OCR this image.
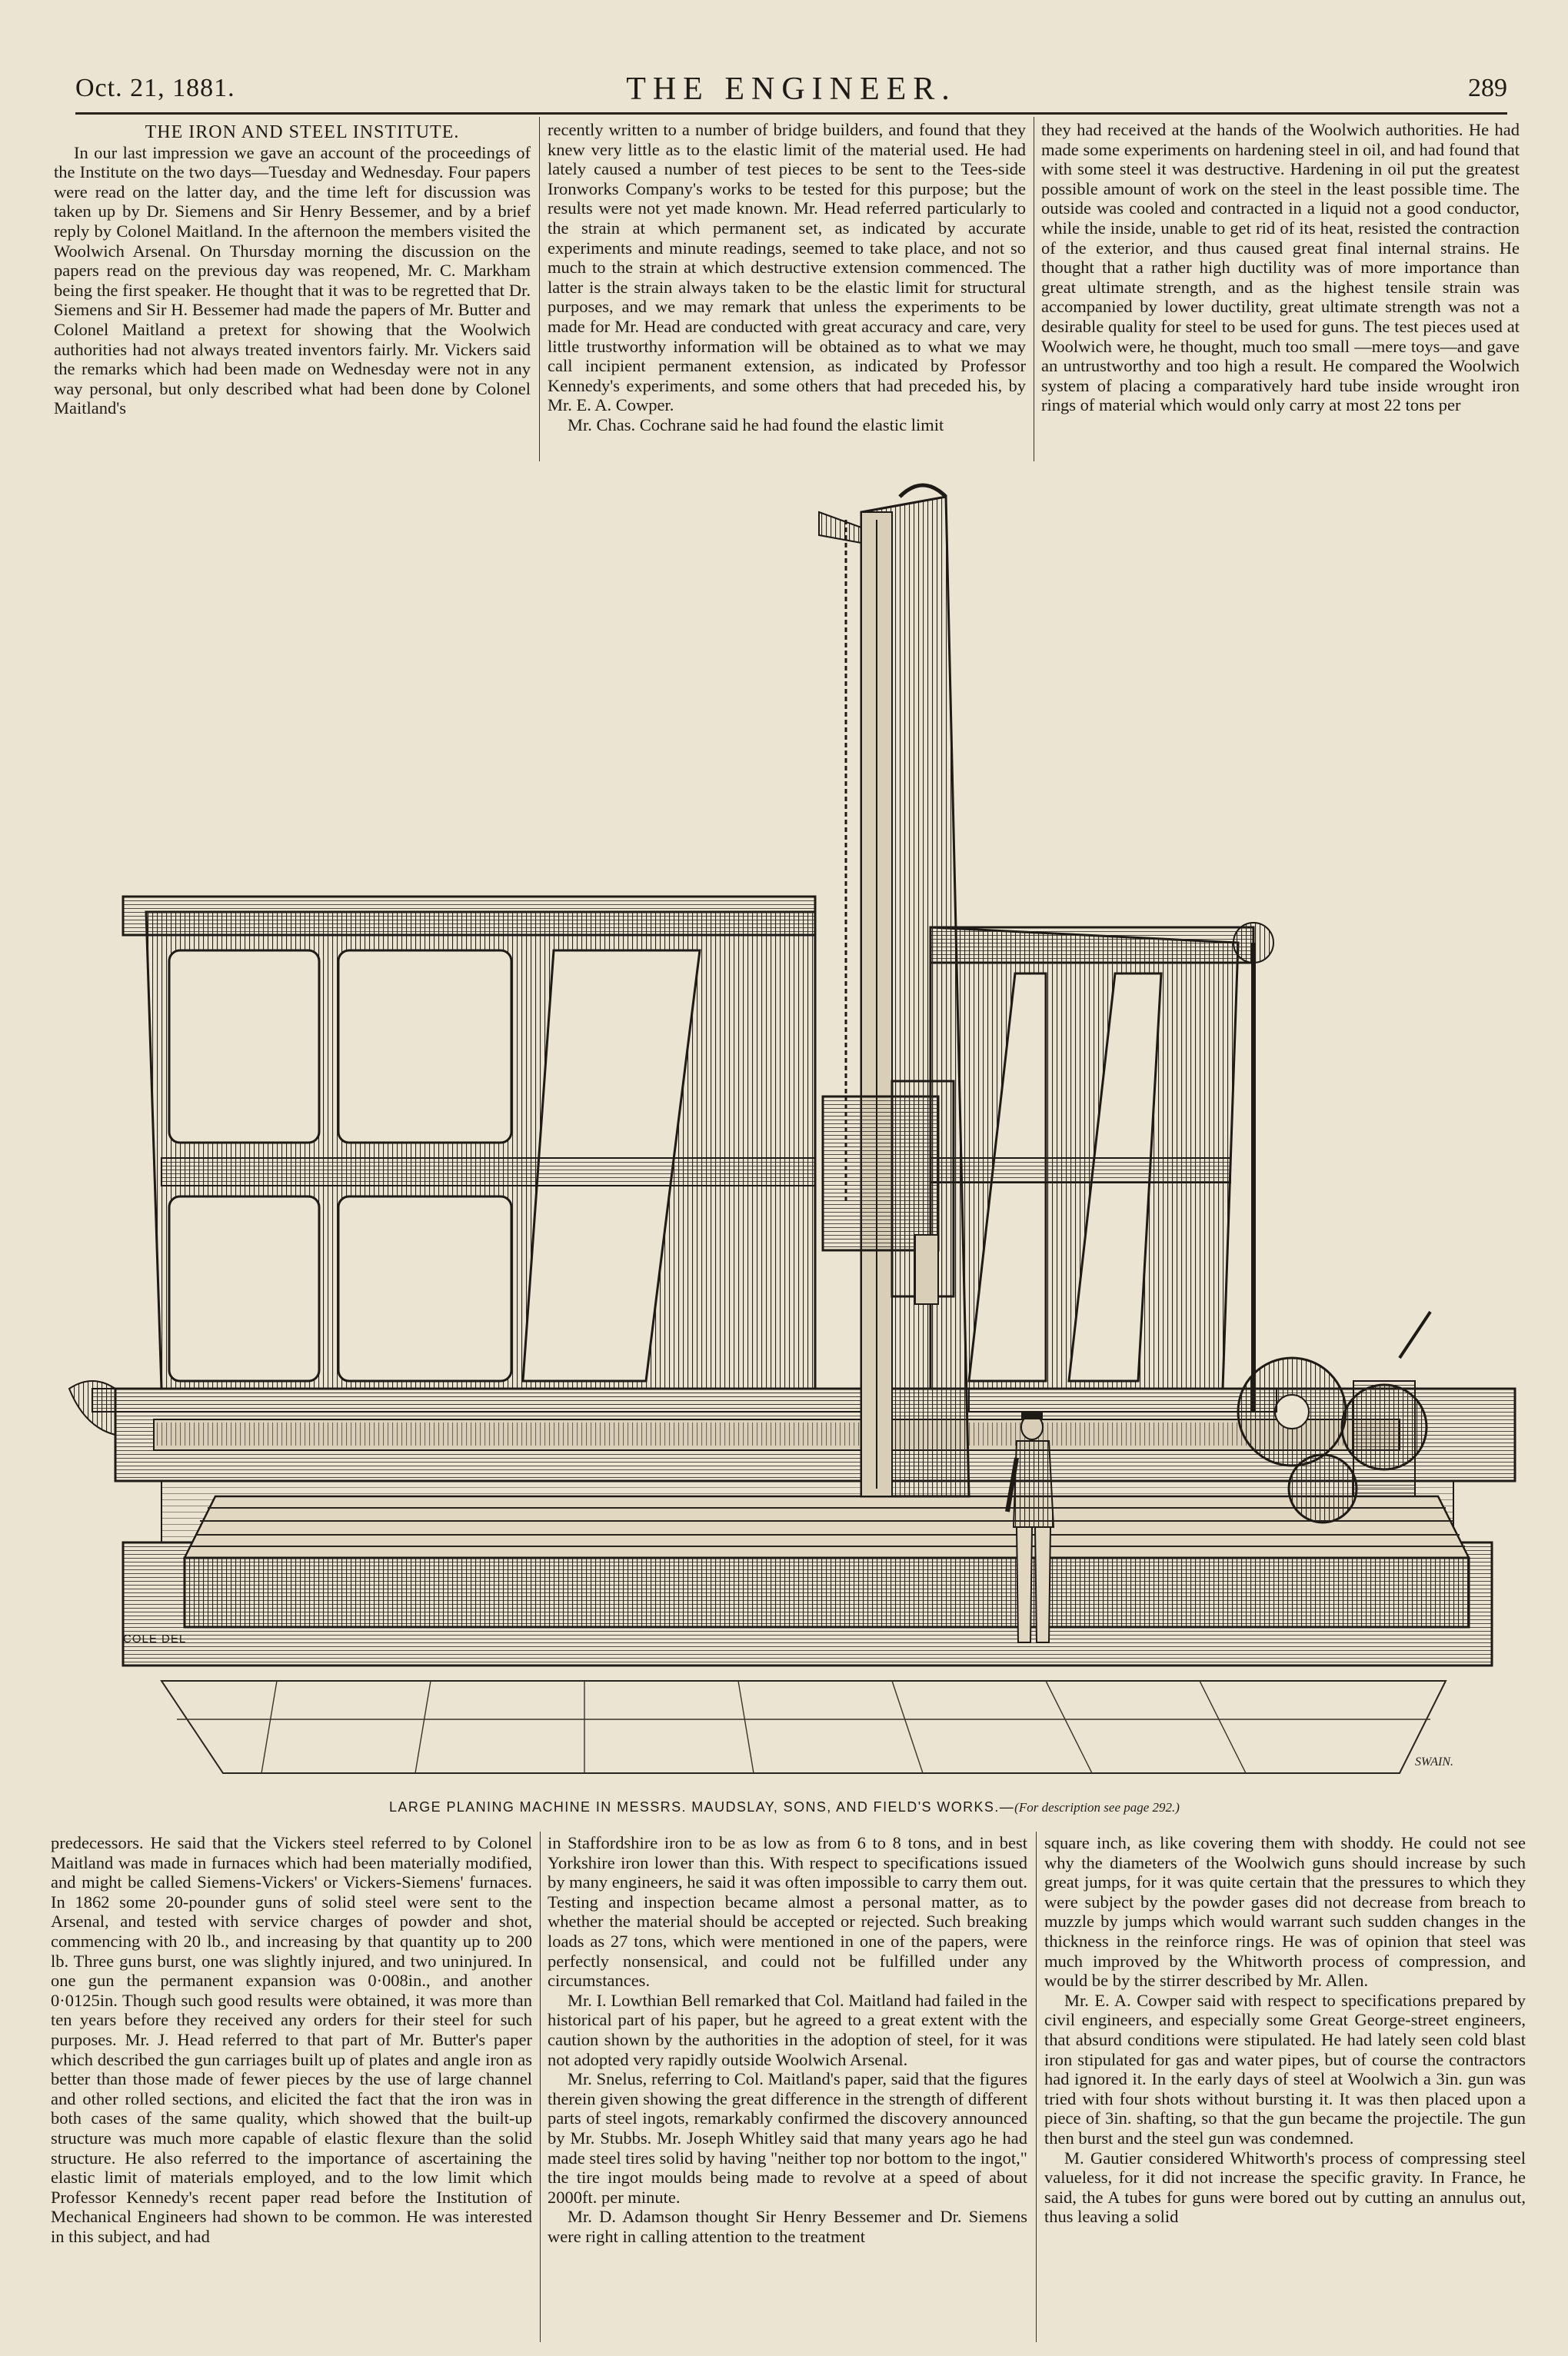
Oct. 21, 1881.	THE ENGINEER.	289

THE IRON AND STEEL INSTITUTE.

In our last impression we gave an account of the proceedings of the Institute on the two days—Tuesday and Wednesday. Four papers were read on the latter day, and the time left for discussion was taken up by Dr. Siemens and Sir Henry Bessemer, and by a brief reply by Colonel Maitland. In the afternoon the members visited the Woolwich Arsenal. On Thursday morning the discussion on the papers read on the previous day was reopened, Mr. C. Markham being the first speaker. He thought that it was to be regretted that Dr. Siemens and Sir H. Bessemer had made the papers of Mr. Butter and Colonel Maitland a pretext for showing that the Woolwich authorities had not always treated inventors fairly. Mr. Vickers said the remarks which had been made on Wednesday were not in any way personal, but only described what had been done by Colonel Maitland's

recently written to a number of bridge builders, and found that they knew very little as to the elastic limit of the material used. He had lately caused a number of test pieces to be sent to the Tees-side Ironworks Company's works to be tested for this purpose; but the results were not yet made known. Mr. Head referred particularly to the strain at which permanent set, as indicated by accurate experiments and minute readings, seemed to take place, and not so much to the strain at which destructive extension commenced. The latter is the strain always taken to be the elastic limit for structural purposes, and we may remark that unless the experiments to be made for Mr. Head are conducted with great accuracy and care, very little trustworthy information will be obtained as to what we may call incipient permanent extension, as indicated by Professor Kennedy's experiments, and some others that had preceded his, by Mr. E. A. Cowper.

Mr. Chas. Cochrane said he had found the elastic limit

they had received at the hands of the Woolwich authorities. He had made some experiments on hardening steel in oil, and had found that with some steel it was destructive. Hardening in oil put the greatest possible amount of work on the steel in the least possible time. The outside was cooled and contracted in a liquid not a good conductor, while the inside, unable to get rid of its heat, resisted the contraction of the exterior, and thus caused great final internal strains. He thought that a rather high ductility was of more importance than great ultimate strength, and as the highest tensile strain was accompanied by lower ductility, great ultimate strength was not a desirable quality for steel to be used for guns. The test pieces used at Woolwich were, he thought, much too small —mere toys—and gave an untrustworthy and too high a result. He compared the Woolwich system of placing a comparatively hard tube inside wrought iron rings of material which would only carry at most 22 tons per

COLE DEL
SWAIN.
LARGE PLANING MACHINE IN MESSRS. MAUDSLAY, SONS, AND FIELD'S WORKS.—(For description see page 292.)

predecessors. He said that the Vickers steel referred to by Colonel Maitland was made in furnaces which had been materially modified, and might be called Siemens-Vickers' or Vickers-Siemens' furnaces. In 1862 some 20-pounder guns of solid steel were sent to the Arsenal, and tested with service charges of powder and shot, commencing with 20 lb., and increasing by that quantity up to 200 lb. Three guns burst, one was slightly injured, and two uninjured. In one gun the permanent expansion was 0·008in., and another 0·0125in. Though such good results were obtained, it was more than ten years before they received any orders for their steel for such purposes. Mr. J. Head referred to that part of Mr. Butter's paper which described the gun carriages built up of plates and angle iron as better than those made of fewer pieces by the use of large channel and other rolled sections, and elicited the fact that the iron was in both cases of the same quality, which showed that the built-up structure was much more capable of elastic flexure than the solid structure. He also referred to the importance of ascertaining the elastic limit of materials employed, and to the low limit which Professor Kennedy's recent paper read before the Institution of Mechanical Engineers had shown to be common. He was interested in this subject, and had

in Staffordshire iron to be as low as from 6 to 8 tons, and in best Yorkshire iron lower than this. With respect to specifications issued by many engineers, he said it was often impossible to carry them out. Testing and inspection became almost a personal matter, as to whether the material should be accepted or rejected. Such breaking loads as 27 tons, which were mentioned in one of the papers, were perfectly nonsensical, and could not be fulfilled under any circumstances.

Mr. I. Lowthian Bell remarked that Col. Maitland had failed in the historical part of his paper, but he agreed to a great extent with the caution shown by the authorities in the adoption of steel, for it was not adopted very rapidly outside Woolwich Arsenal.

Mr. Snelus, referring to Col. Maitland's paper, said that the figures therein given showing the great difference in the strength of different parts of steel ingots, remarkably confirmed the discovery announced by Mr. Stubbs. Mr. Joseph Whitley said that many years ago he had made steel tires solid by having "neither top nor bottom to the ingot," the tire ingot moulds being made to revolve at a speed of about 2000ft. per minute.

Mr. D. Adamson thought Sir Henry Bessemer and Dr. Siemens were right in calling attention to the treatment

square inch, as like covering them with shoddy. He could not see why the diameters of the Woolwich guns should increase by such great jumps, for it was quite certain that the pressures to which they were subject by the powder gases did not decrease from breach to muzzle by jumps which would warrant such sudden changes in the thickness in the reinforce rings. He was of opinion that steel was much improved by the Whitworth process of compression, and would be by the stirrer described by Mr. Allen.

Mr. E. A. Cowper said with respect to specifications prepared by civil engineers, and especially some Great George-street engineers, that absurd conditions were stipulated. He had lately seen cold blast iron stipulated for gas and water pipes, but of course the contractors had ignored it. In the early days of steel at Woolwich a 3in. gun was tried with four shots without bursting it. It was then placed upon a piece of 3in. shafting, so that the gun became the projectile. The gun then burst and the steel gun was condemned.

M. Gautier considered Whitworth's process of compressing steel valueless, for it did not increase the specific gravity. In France, he said, the A tubes for guns were bored out by cutting an annulus out, thus leaving a solid
